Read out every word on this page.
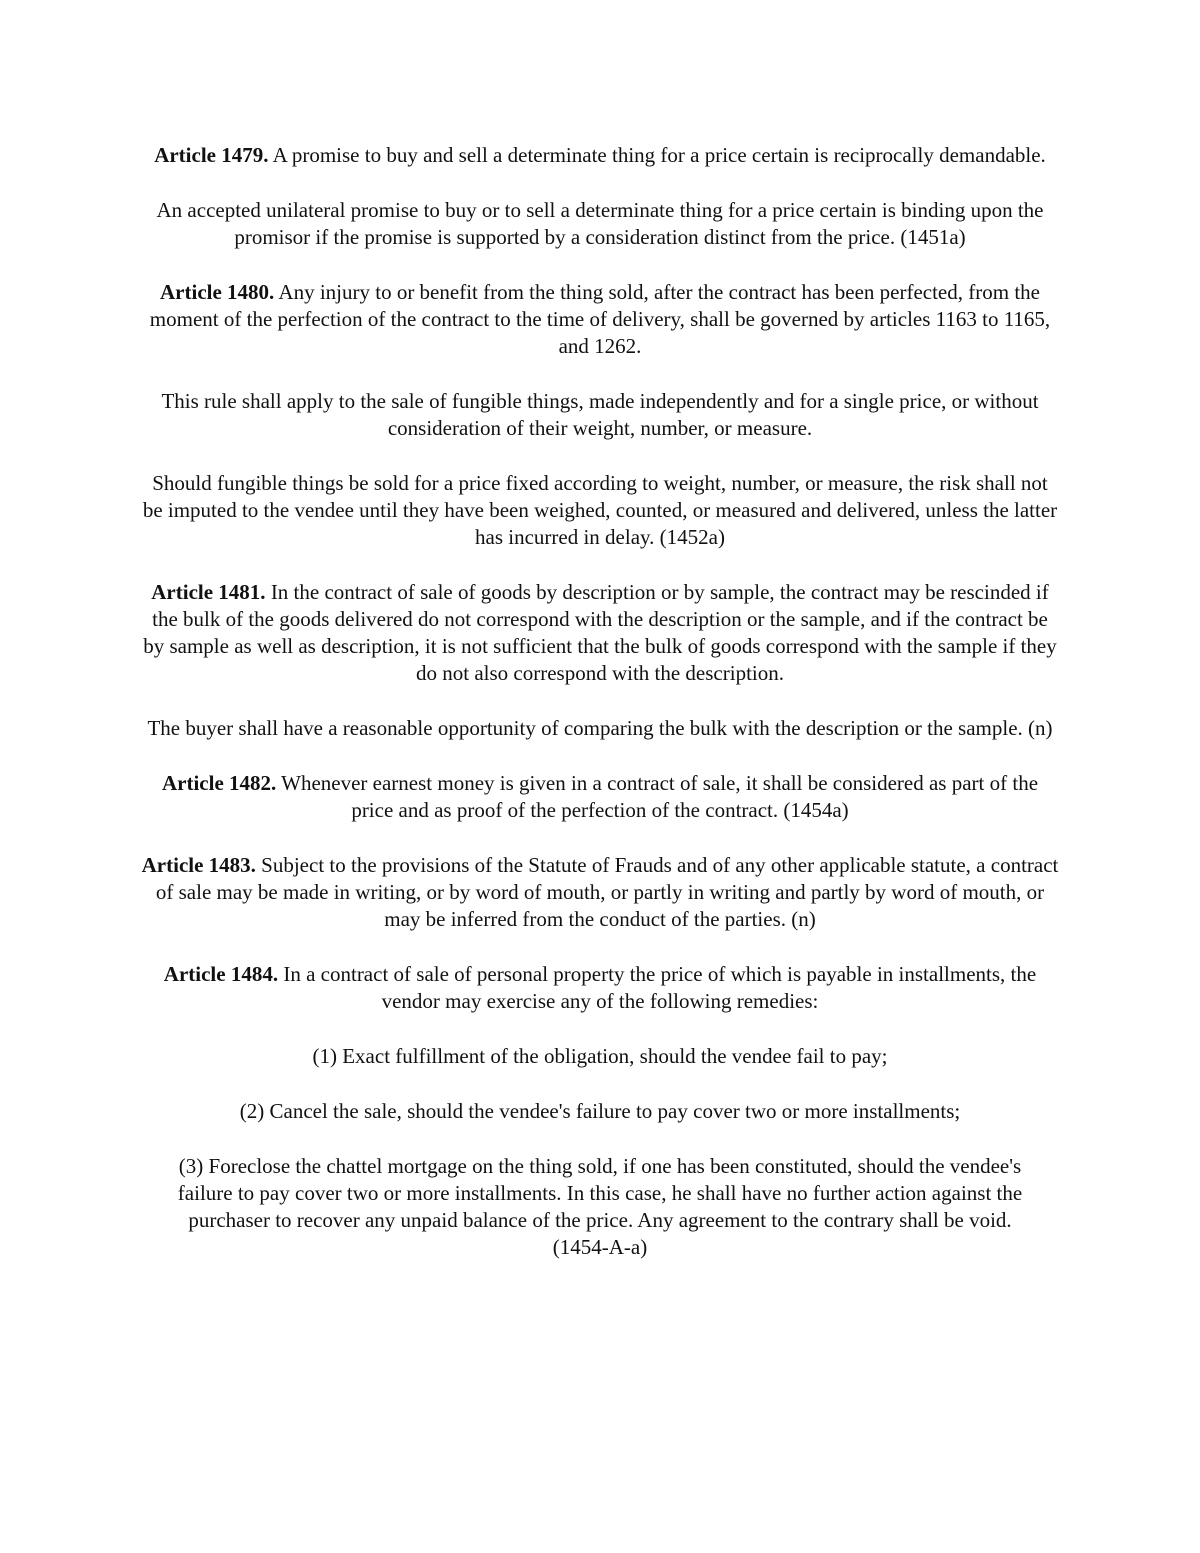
Article 1479. A promise to buy and sell a determinate thing for a price certain is reciprocally demandable.

An accepted unilateral promise to buy or to sell a determinate thing for a price certain is binding upon the promisor if the promise is supported by a consideration distinct from the price. (1451a)

Article 1480. Any injury to or benefit from the thing sold, after the contract has been perfected, from the moment of the perfection of the contract to the time of delivery, shall be governed by articles 1163 to 1165, and 1262.

This rule shall apply to the sale of fungible things, made independently and for a single price, or without consideration of their weight, number, or measure.

Should fungible things be sold for a price fixed according to weight, number, or measure, the risk shall not be imputed to the vendee until they have been weighed, counted, or measured and delivered, unless the latter has incurred in delay. (1452a)

Article 1481. In the contract of sale of goods by description or by sample, the contract may be rescinded if the bulk of the goods delivered do not correspond with the description or the sample, and if the contract be by sample as well as description, it is not sufficient that the bulk of goods correspond with the sample if they do not also correspond with the description.

The buyer shall have a reasonable opportunity of comparing the bulk with the description or the sample. (n)

Article 1482. Whenever earnest money is given in a contract of sale, it shall be considered as part of the price and as proof of the perfection of the contract. (1454a)

Article 1483. Subject to the provisions of the Statute of Frauds and of any other applicable statute, a contract of sale may be made in writing, or by word of mouth, or partly in writing and partly by word of mouth, or may be inferred from the conduct of the parties. (n)

Article 1484. In a contract of sale of personal property the price of which is payable in installments, the vendor may exercise any of the following remedies:

(1) Exact fulfillment of the obligation, should the vendee fail to pay;

(2) Cancel the sale, should the vendee's failure to pay cover two or more installments;

(3) Foreclose the chattel mortgage on the thing sold, if one has been constituted, should the vendee's failure to pay cover two or more installments. In this case, he shall have no further action against the purchaser to recover any unpaid balance of the price. Any agreement to the contrary shall be void. (1454-A-a)
